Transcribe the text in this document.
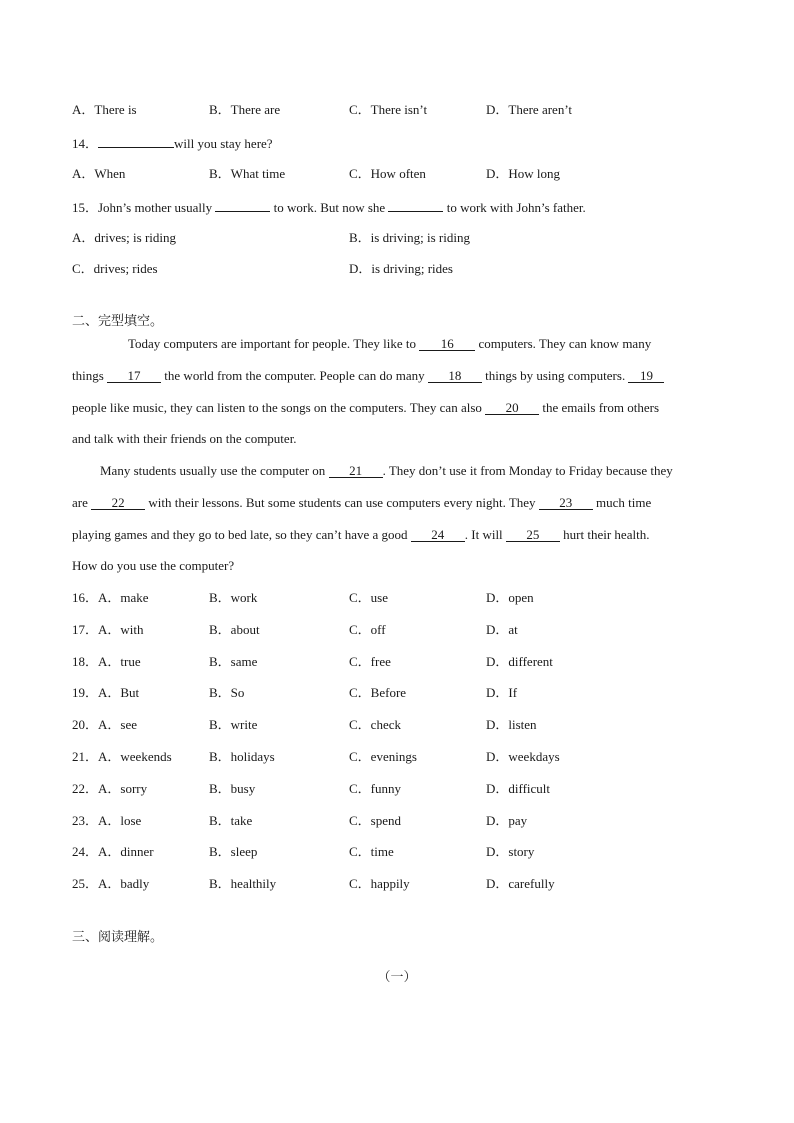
A．There is	B．There are	C．There isn’t	D．There aren’t
14．	will you stay here?
A．When	B．What time	C．How often	D．How long
15．John’s mother usually	to work. But now she	to work with John’s father.
A．drives; is riding	B．is driving; is riding
C．drives; rides	D．is driving; rides
二、完型填空。
Today computers are important for people. They like to 16 computers. They can know many
things 17 the world from the computer. People can do many 18 things by using computers. 19
people like music, they can listen to the songs on the computers. They can also 20 the emails from others
and talk with their friends on the computer.
Many students usually use the computer on 21 . They don’t use it from Monday to Friday because they
are 22 with their lessons. But some students can use computers every night. They 23 much time
playing games and they go to bed late, so they can’t have a good 24 . It will 25 hurt their health.
How do you use the computer?
16．A．make	B．work	C．use	D．open
17．A．with	B．about	C．off	D．at
18．A．true	B．same	C．free	D．different
19．A．But	B．So	C．Before	D．If
20．A．see	B．write	C．check	D．listen
21．A．weekends	B．holidays	C．evenings	D．weekdays
22．A．sorry	B．busy	C．funny	D．difficult
23．A．lose	B．take	C．spend	D．pay
24．A．dinner	B．sleep	C．time	D．story
25．A．badly	B．healthily	C．happily	D．carefully
三、阅读理解。
（一）
